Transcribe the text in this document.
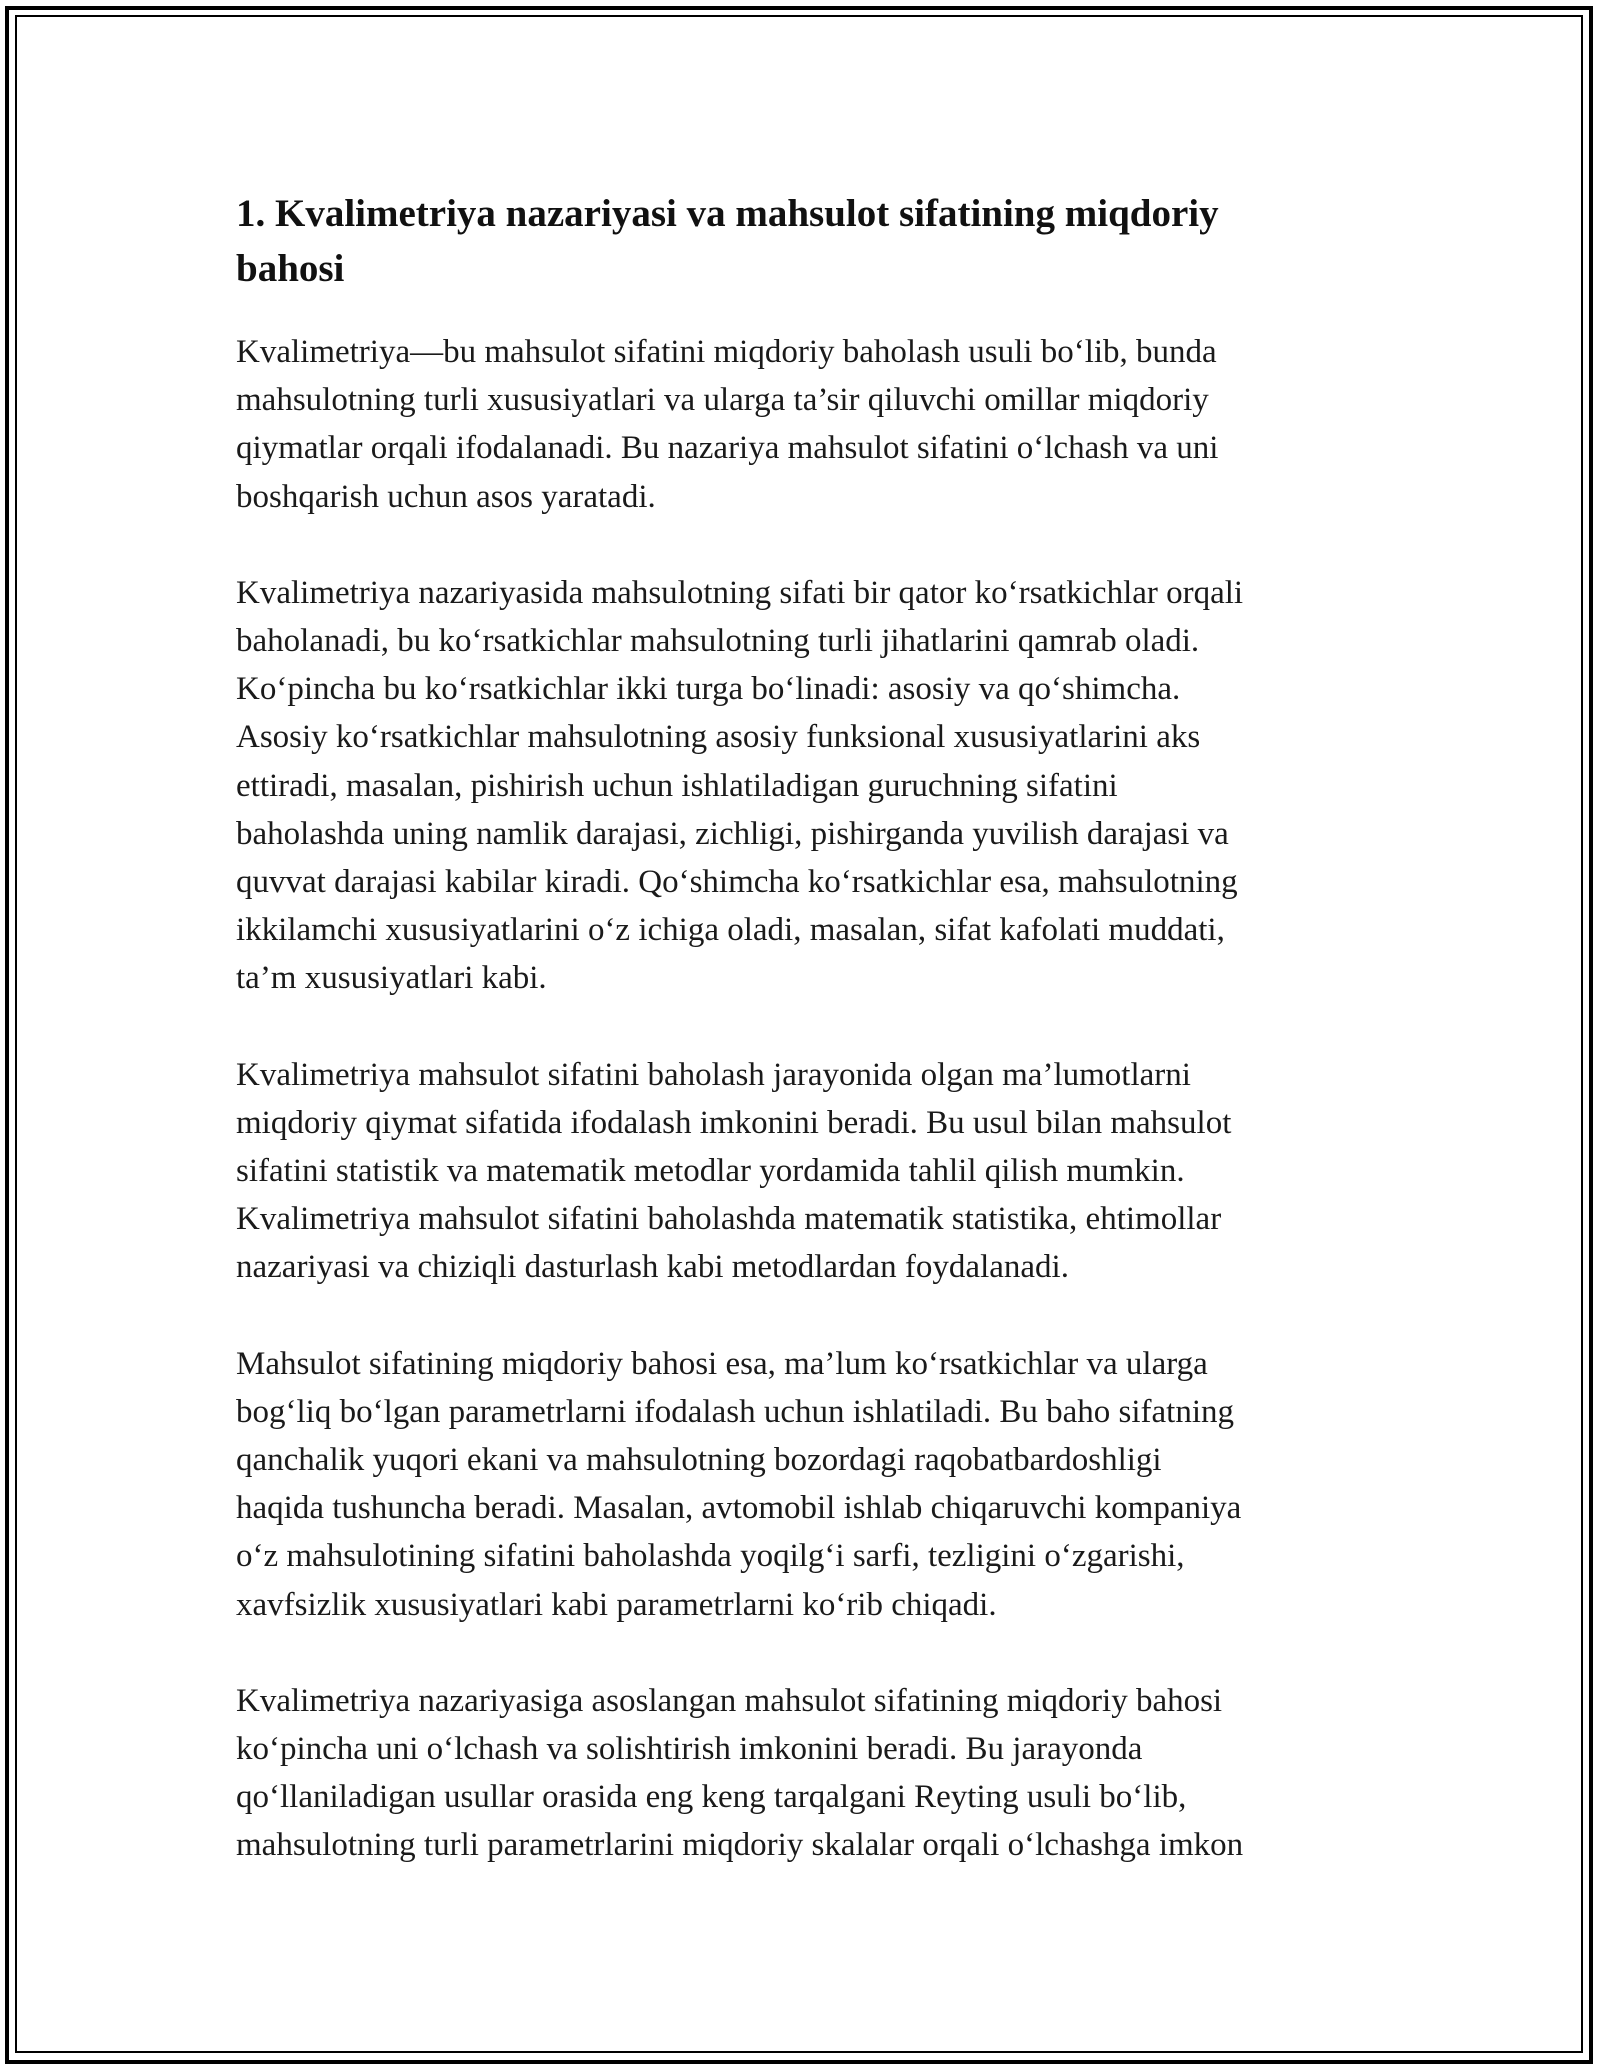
1. Kvalimetriya nazariyasi va mahsulot sifatining miqdoriy
bahosi

Kvalimetriya—bu mahsulot sifatini miqdoriy baholash usuli bo‘lib, bunda
mahsulotning turli xususiyatlari va ularga ta’sir qiluvchi omillar miqdoriy
qiymatlar orqali ifodalanadi. Bu nazariya mahsulot sifatini o‘lchash va uni
boshqarish uchun asos yaratadi.

Kvalimetriya nazariyasida mahsulotning sifati bir qator ko‘rsatkichlar orqali
baholanadi, bu ko‘rsatkichlar mahsulotning turli jihatlarini qamrab oladi.
Ko‘pincha bu ko‘rsatkichlar ikki turga bo‘linadi: asosiy va qo‘shimcha.
Asosiy ko‘rsatkichlar mahsulotning asosiy funksional xususiyatlarini aks
ettiradi, masalan, pishirish uchun ishlatiladigan guruchning sifatini
baholashda uning namlik darajasi, zichligi, pishirganda yuvilish darajasi va
quvvat darajasi kabilar kiradi. Qo‘shimcha ko‘rsatkichlar esa, mahsulotning
ikkilamchi xususiyatlarini o‘z ichiga oladi, masalan, sifat kafolati muddati,
ta’m xususiyatlari kabi.

Kvalimetriya mahsulot sifatini baholash jarayonida olgan ma’lumotlarni
miqdoriy qiymat sifatida ifodalash imkonini beradi. Bu usul bilan mahsulot
sifatini statistik va matematik metodlar yordamida tahlil qilish mumkin.
Kvalimetriya mahsulot sifatini baholashda matematik statistika, ehtimollar
nazariyasi va chiziqli dasturlash kabi metodlardan foydalanadi.

Mahsulot sifatining miqdoriy bahosi esa, ma’lum ko‘rsatkichlar va ularga
bog‘liq bo‘lgan parametrlarni ifodalash uchun ishlatiladi. Bu baho sifatning
qanchalik yuqori ekani va mahsulotning bozordagi raqobatbardoshligi
haqida tushuncha beradi. Masalan, avtomobil ishlab chiqaruvchi kompaniya
o‘z mahsulotining sifatini baholashda yoqilg‘i sarfi, tezligini o‘zgarishi,
xavfsizlik xususiyatlari kabi parametrlarni ko‘rib chiqadi.

Kvalimetriya nazariyasiga asoslangan mahsulot sifatining miqdoriy bahosi
ko‘pincha uni o‘lchash va solishtirish imkonini beradi. Bu jarayonda
qo‘llaniladigan usullar orasida eng keng tarqalgani Reyting usuli bo‘lib,
mahsulotning turli parametrlarini miqdoriy skalalar orqali o‘lchashga imkon
